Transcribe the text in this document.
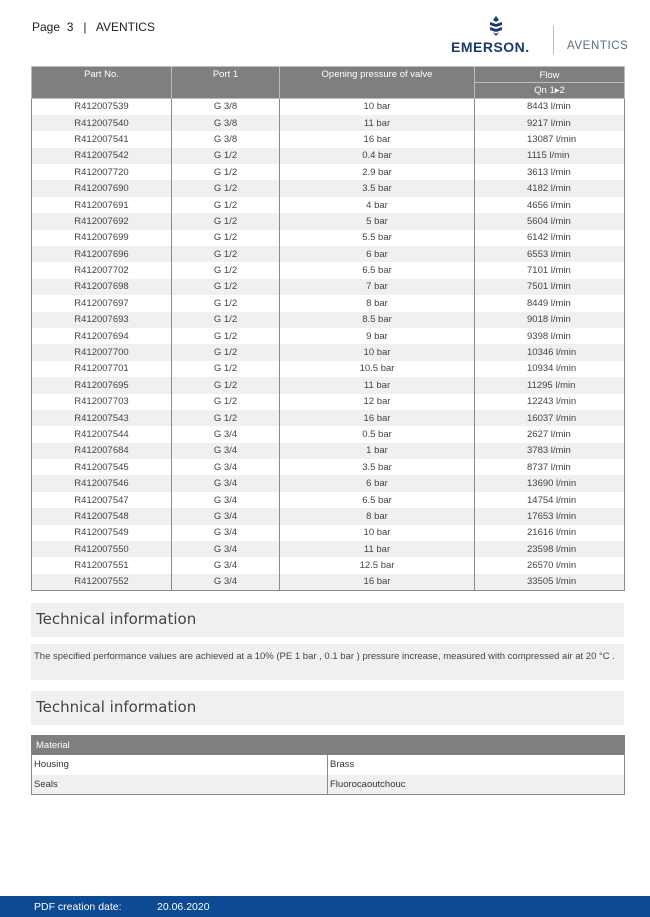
Page  3   |   AVENTICS
EMERSON.	AVENTICS
Part No.	Port 1	Opening pressure of valve	Flow
			Qn 1▸2
R412007539	G 3/8	10 bar	8443 l/min
R412007540	G 3/8	11 bar	9217 l/min
R412007541	G 3/8	16 bar	13087 l/min
R412007542	G 1/2	0.4 bar	1115 l/min
R412007720	G 1/2	2.9 bar	3613 l/min
R412007690	G 1/2	3.5 bar	4182 l/min
R412007691	G 1/2	4 bar	4656 l/min
R412007692	G 1/2	5 bar	5604 l/min
R412007699	G 1/2	5.5 bar	6142 l/min
R412007696	G 1/2	6 bar	6553 l/min
R412007702	G 1/2	6.5 bar	7101 l/min
R412007698	G 1/2	7 bar	7501 l/min
R412007697	G 1/2	8 bar	8449 l/min
R412007693	G 1/2	8.5 bar	9018 l/min
R412007694	G 1/2	9 bar	9398 l/min
R412007700	G 1/2	10 bar	10346 l/min
R412007701	G 1/2	10.5 bar	10934 l/min
R412007695	G 1/2	11 bar	11295 l/min
R412007703	G 1/2	12 bar	12243 l/min
R412007543	G 1/2	16 bar	16037 l/min
R412007544	G 3/4	0.5 bar	2627 l/min
R412007684	G 3/4	1 bar	3783 l/min
R412007545	G 3/4	3.5 bar	8737 l/min
R412007546	G 3/4	6 bar	13690 l/min
R412007547	G 3/4	6.5 bar	14754 l/min
R412007548	G 3/4	8 bar	17653 l/min
R412007549	G 3/4	10 bar	21616 l/min
R412007550	G 3/4	11 bar	23598 l/min
R412007551	G 3/4	12.5 bar	26570 l/min
R412007552	G 3/4	16 bar	33505 l/min
Technical information
The specified performance values are achieved at a 10% (PE 1 bar , 0.1 bar ) pressure increase, measured with compressed air at 20 °C .
Technical information
Material	
Housing	Brass
Seals	Fluorocaoutchouc
PDF creation date:	20.06.2020
